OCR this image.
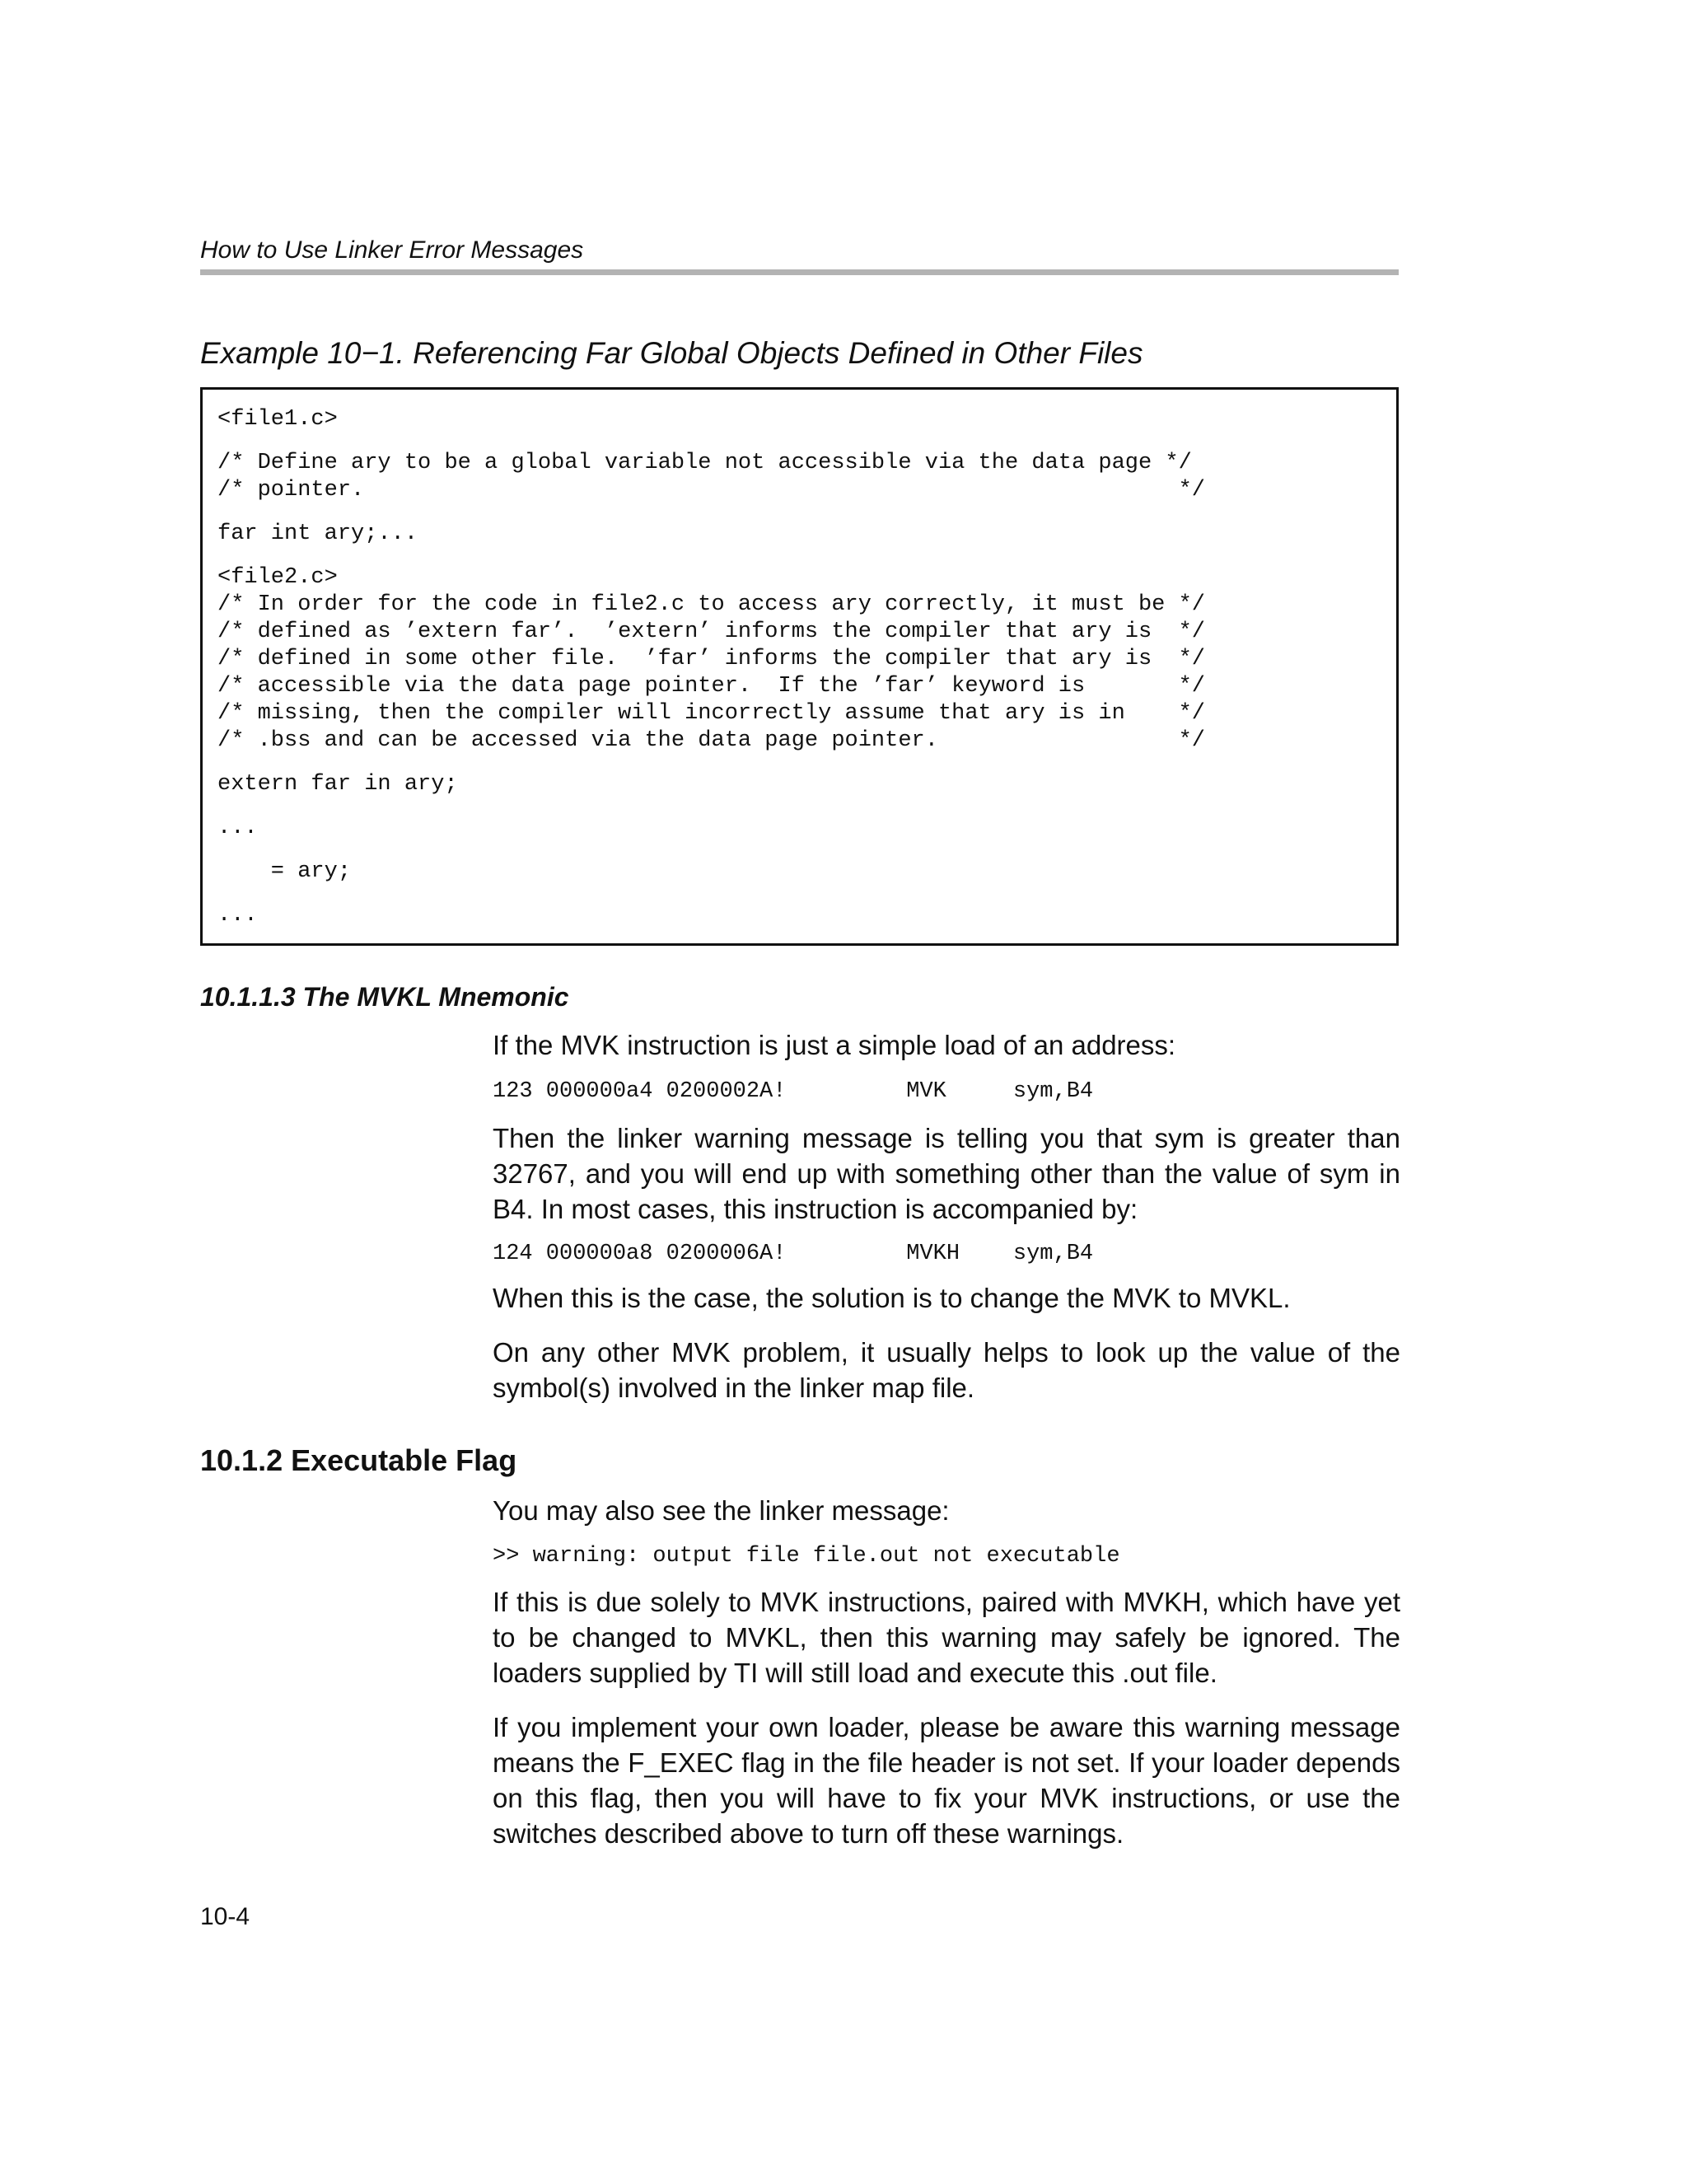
How to Use Linker Error Messages
Example 10−1. Referencing Far Global Objects Defined in Other Files
<file1.c>
/* Define ary to be a global variable not accessible via the data page */
/* pointer.                                                             */
far int ary;...
<file2.c>
/* In order for the code in file2.c to access ary correctly, it must be */
/* defined as ’extern far’.  ’extern’ informs the compiler that ary is  */
/* defined in some other file.  ’far’ informs the compiler that ary is  */
/* accessible via the data page pointer.  If the ’far’ keyword is       */
/* missing, then the compiler will incorrectly assume that ary is in    */
/* .bss and can be accessed via the data page pointer.                  */
extern far in ary;
...
= ary;
...
10.1.1.3 The MVKL Mnemonic
If the MVK instruction is just a simple load of an address:
123 000000a4 0200002A!         MVK     sym,B4
Then the linker warning message is telling you that sym is greater than 32767, and you will end up with something other than the value of sym in B4. In most cases, this instruction is accompanied by:
124 000000a8 0200006A!         MVKH    sym,B4
When this is the case, the solution is to change the MVK to MVKL.
On any other MVK problem, it usually helps to look up the value of the symbol(s) involved in the linker map file.
10.1.2 Executable Flag
You may also see the linker message:
>> warning: output file file.out not executable
If this is due solely to MVK instructions, paired with MVKH, which have yet to be changed to MVKL, then this warning may safely be ignored. The loaders supplied by TI will still load and execute this .out file.
If you implement your own loader, please be aware this warning message means the F_EXEC flag in the file header is not set. If your loader depends on this flag, then you will have to fix your MVK instructions, or use the switches described above to turn off these warnings.
10-4
